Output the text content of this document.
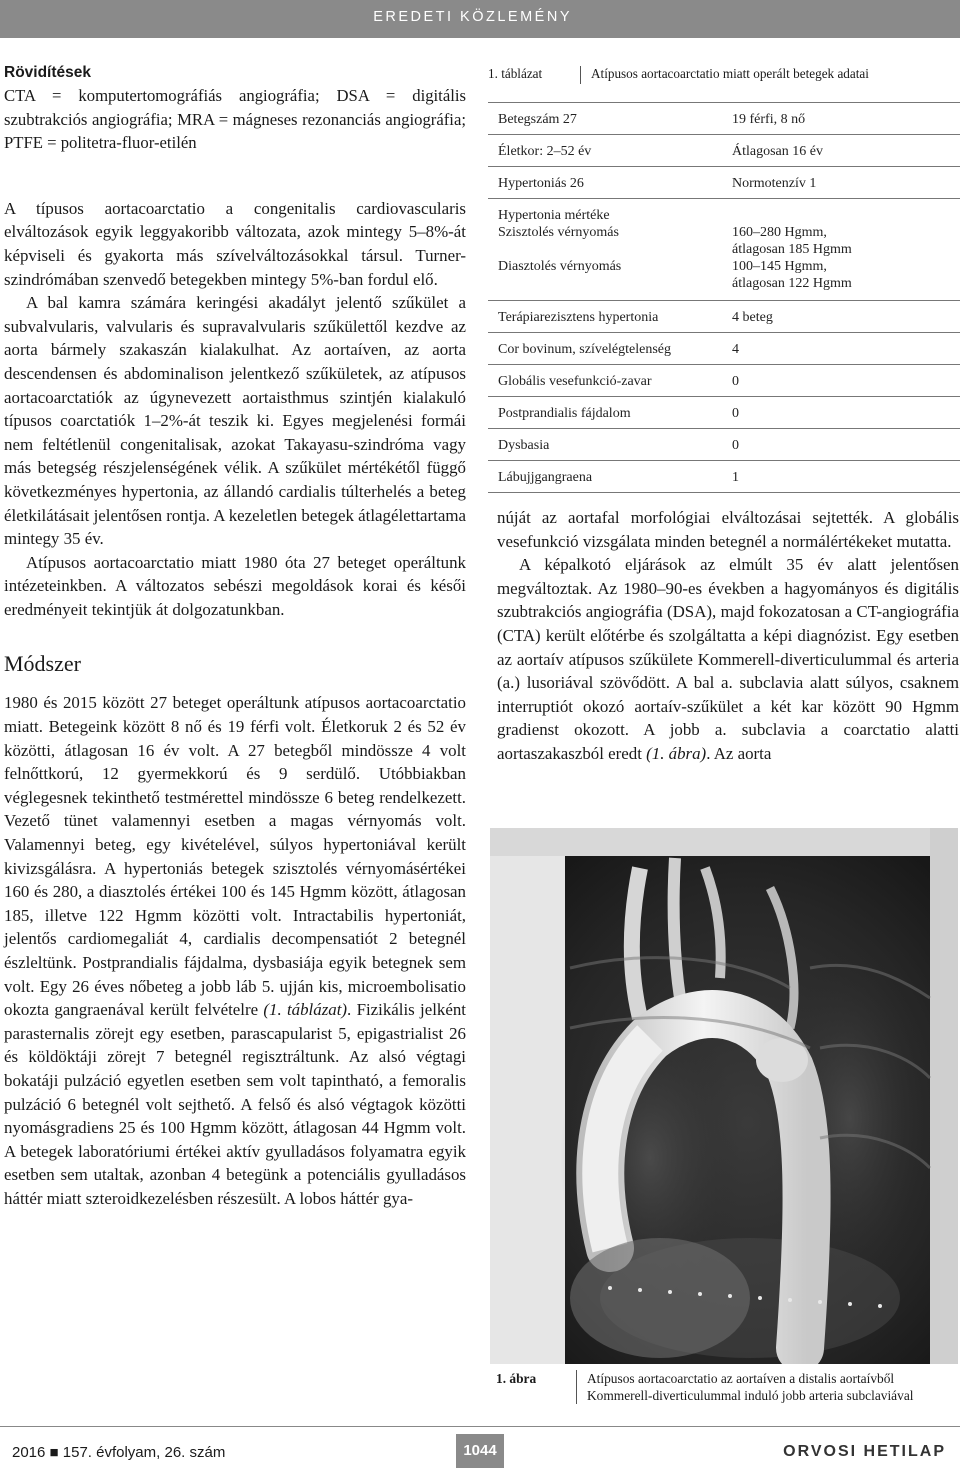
EREDETI KÖZLEMÉNY
Rövidítések

CTA = komputertomográfiás angiográfia; DSA = digitális szubtrakciós angiográfia; MRA = mágneses rezonanciás angiográfia; PTFE = politetra-fluor-etilén

A típusos aortacoarctatio a congenitalis cardiovascularis elváltozások egyik leggyakoribb változata, azok mintegy 5–8%-át képviseli és gyakorta más szívelváltozásokkal társul. Turner-szindrómában szenvedő betegekben mintegy 5%-ban fordul elő.

A bal kamra számára keringési akadályt jelentő szűkület a subvalvularis, valvularis és supravalvularis szűkülettől kezdve az aorta bármely szakaszán kialakulhat. Az aortaíven, az aorta descendensen és abdominalison jelentkező szűkületek, az atípusos aortacoarctatiók az úgynevezett aortaisthmus szintjén kialakuló típusos coarctatiók 1–2%-át teszik ki. Egyes megjelenési formái nem feltétlenül congenitalisak, azokat Takayasu-szindróma vagy más betegség részjelenségének vélik. A szűkület mértékétől függő következményes hypertonia, az állandó cardialis túlterhelés a beteg életkilátásait jelentősen rontja. A kezeletlen betegek átlagélettartama mintegy 35 év.

Atípusos aortacoarctatio miatt 1980 óta 27 beteget operáltunk intézeteinkben. A változatos sebészi megoldások korai és késői eredményeit tekintjük át dolgozatunkban.

Módszer

1980 és 2015 között 27 beteget operáltunk atípusos aortacoarctatio miatt. Betegeink között 8 nő és 19 férfi volt. Életkoruk 2 és 52 év közötti, átlagosan 16 év volt. A 27 betegből mindössze 4 volt felnőttkorú, 12 gyermekkorú és 9 serdülő. Utóbbiakban véglegesnek tekinthető testmérettel mindössze 6 beteg rendelkezett. Vezető tünet valamennyi esetben a magas vérnyomás volt. Valamennyi beteg, egy kivételével, súlyos hypertoniával került kivizsgálásra. A hypertoniás betegek szisztolés vérnyomásértékei 160 és 280, a diasztolés értékei 100 és 145 Hgmm között, átlagosan 185, illetve 122 Hgmm közötti volt. Intractabilis hypertoniát, jelentős cardiomegaliát 4, cardialis decompensatiót 2 betegnél észleltünk. Postprandialis fájdalma, dysbasiája egyik betegnek sem volt. Egy 26 éves nőbeteg a jobb láb 5. ujján kis, microembolisatio okozta gangraenával került felvételre (1. táblázat). Fizikális jelként parasternalis zörejt egy esetben, parascapularist 5, epigastrialist 26 és köldöktáji zörejt 7 betegnél regisztráltunk. Az alsó végtagi bokatáji pulzáció egyetlen esetben sem volt tapintható, a femoralis pulzáció 6 betegnél volt sejthető. A felső és alsó végtagok közötti nyomásgradiens 25 és 100 Hgmm között, átlagosan 44 Hgmm volt. A betegek laboratóriumi értékei aktív gyulladásos folyamatra egyik esetben sem utaltak, azonban 4 betegünk a potenciális gyulladásos háttér miatt szteroidkezelésben részesült. A lobos háttér gya-

1. táblázat	Atípusos aortacoarctatio miatt operált betegek adatai
Betegszám 27	19 férfi, 8 nő
Életkor: 2–52 év	Átlagosan 16 év
Hypertoniás 26	Normotenzív 1
Hypertonia mértéke
Szisztolés vérnyomás	160–280 Hgmm,
átlagosan 185 Hgmm
Diasztolés vérnyomás	100–145 Hgmm,
átlagosan 122 Hgmm
Terápiarezisztens hypertonia	4 beteg
Cor bovinum, szívelégtelenség	4
Globális vesefunkció-zavar	0
Postprandialis fájdalom	0
Dysbasia	0
Lábujjgangraena	1

núját az aortafal morfológiai elváltozásai sejtették. A globális vesefunkció vizsgálata minden betegnél a normálértékeket mutatta.

A képalkotó eljárások az elmúlt 35 év alatt jelentősen megváltoztak. Az 1980–90-es években a hagyományos és digitális szubtrakciós angiográfia (DSA), majd fokozatosan a CT-angiográfia (CTA) került előtérbe és szolgáltatta a képi diagnózist. Egy esetben az aortaív atípusos szűkülete Kommerell-diverticulummal és arteria (a.) lusoriával szövődött. A bal a. subclavia alatt súlyos, csaknem interruptiót okozó aortaív-szűkület a két kar között 90 Hgmm gradienst okozott. A jobb a. subclavia a coarctatio alatti aortaszakaszból eredt (1. ábra). Az aorta

1. ábra	Atípusos aortacoarctatio az aortaíven a distalis aortaívből Kommerell-diverticulummal induló jobb arteria subclaviával
2016 ■ 157. évfolyam, 26. szám	1044	ORVOSI HETILAP
